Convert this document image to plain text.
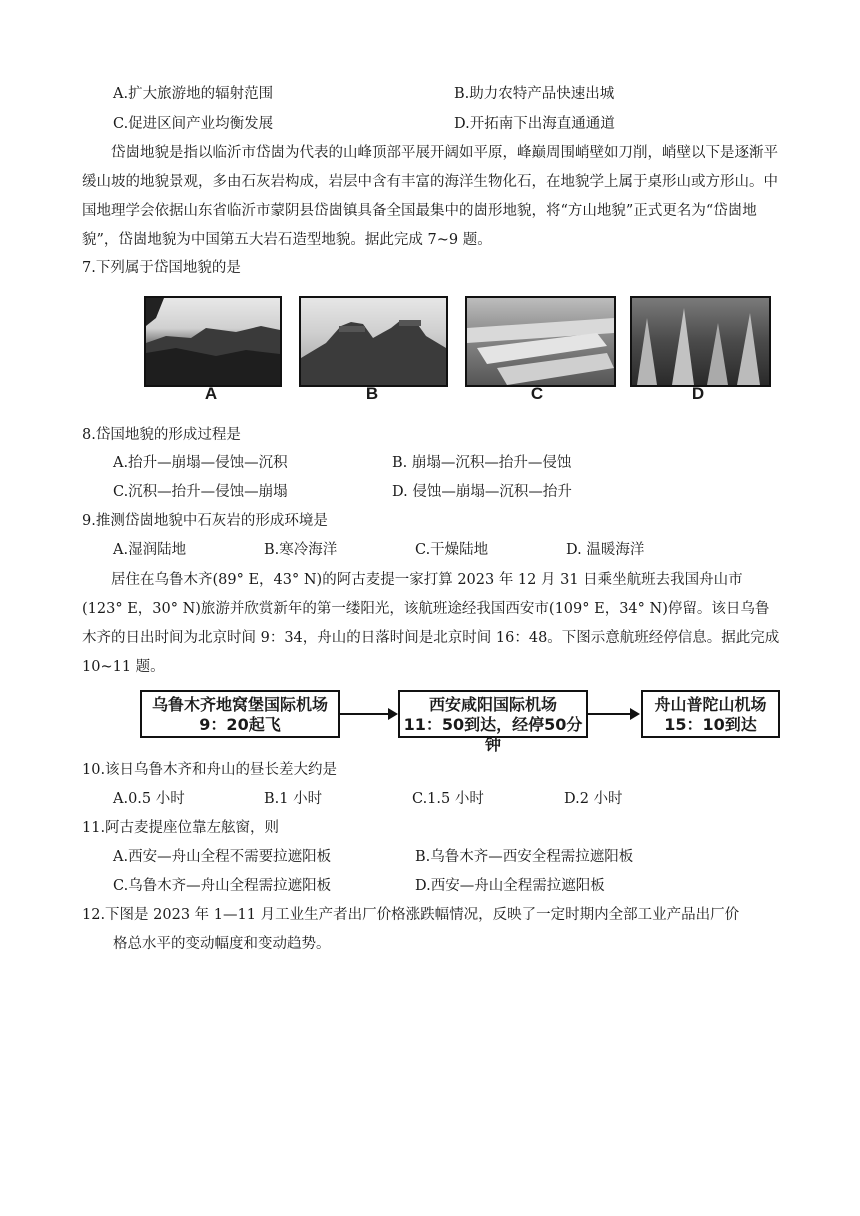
A.扩大旅游地的辐射范围	B.助力农特产品快速出城
C.促进区间产业均衡发展	D.开拓南下出海直通通道
岱崮地貌是指以临沂市岱崮为代表的山峰顶部平展开阔如平原，峰巅周围峭壁如刀削，峭壁以下是逐渐平缓山坡的地貌景观，多由石灰岩构成，岩层中含有丰富的海洋生物化石，在地貌学上属于桌形山或方形山。中国地理学会依据山东省临沂市蒙阴县岱崮镇具备全国最集中的崮形地貌，将“方山地貌”正式更名为“岱崮地貌”，岱崮地貌为中国第五大岩石造型地貌。据此完成 7~9 题。
7.下列属于岱国地貌的是
A	B	C	D
8.岱国地貌的形成过程是
A.抬升—崩塌—侵蚀—沉积	B. 崩塌—沉积—抬升—侵蚀
C.沉积—抬升—侵蚀—崩塌	D. 侵蚀—崩塌—沉积—抬升
9.推测岱崮地貌中石灰岩的形成环境是
A.湿润陆地	B.寒冷海洋	C.干燥陆地	D. 温暖海洋
居住在乌鲁木齐(89° E，43° N)的阿古麦提一家打算 2023 年 12 月 31 日乘坐航班去我国舟山市(123° E，30° N)旅游并欣赏新年的第一缕阳光，该航班途经我国西安市(109° E，34° N)停留。该日乌鲁木齐的日出时间为北京时间 9：34，舟山的日落时间是北京时间 16：48。下图示意航班经停信息。据此完成 10~11 题。
乌鲁木齐地窝堡国际机场
9：20起飞
西安咸阳国际机场
11：50到达，经停50分钟
舟山普陀山机场
15：10到达
10.该日乌鲁木齐和舟山的昼长差大约是
A.0.5 小时	B.1 小时	C.1.5 小时	D.2 小时
11.阿古麦提座位靠左舷窗，则
A.西安—舟山全程不需要拉遮阳板	B.乌鲁木齐—西安全程需拉遮阳板
C.乌鲁木齐—舟山全程需拉遮阳板	D.西安—舟山全程需拉遮阳板
12.下图是 2023 年 1—11 月工业生产者出厂价格涨跌幅情况，反映了一定时期内全部工业产品出厂价
格总水平的变动幅度和变动趋势。
